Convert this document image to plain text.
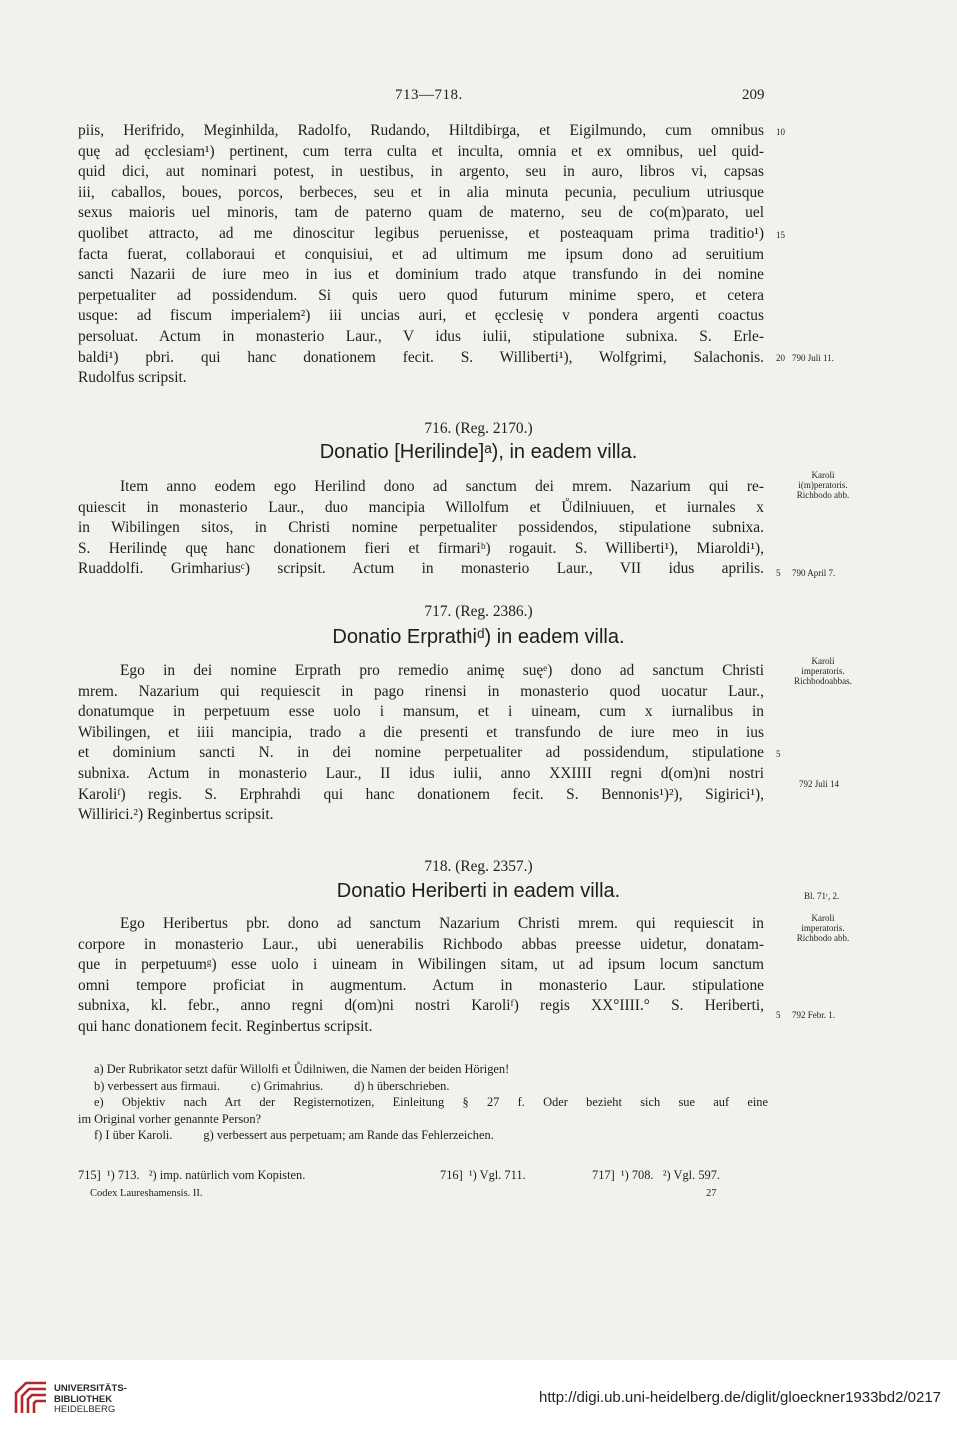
713—718.	209
piis, Herifrido, Meginhilda, Radolfo, Rudando, Hiltdibirga, et Eigilmundo, cum omnibus
quę ad ęcclesiam¹) pertinent, cum terra culta et inculta, omnia et ex omnibus, uel quid-
quid dici, aut nominari potest, in uestibus, in argento, seu in auro, libros vi, capsas
iii, caballos, boues, porcos, berbeces, seu et in alia minuta pecunia, peculium utriusque
sexus maioris uel minoris, tam de paterno quam de materno, seu de co(m)parato, uel
quolibet attracto, ad me dinoscitur legibus peruenisse, et posteaquam prima traditio¹)
facta fuerat, collaboraui et conquisiui, et ad ultimum me ipsum dono ad seruitium
sancti Nazarii de iure meo in ius et dominium trado atque transfundo in dei nomine
perpetualiter ad possidendum. Si quis uero quod futurum minime spero, et cetera
usque: ad fiscum imperialem²) iii uncias auri, et ęcclesię v pondera argenti coactus
persoluat. Actum in monasterio Laur., V idus iulii, stipulatione subnixa. S. Erle-
baldi¹) pbri. qui hanc donationem fecit. S. Williberti¹), Wolfgrimi, Salachonis.
Rudolfus scripsit.
10
15
20 790 Juli 11.
716. (Reg. 2170.)
Donatio [Herilinde]ᵃ), in eadem villa.
Item anno eodem ego Herilind dono ad sanctum dei mrem. Nazarium qui re-
quiescit in monasterio Laur., duo mancipia Willolfum et Ůdilniuuen, et iurnales x
in Wibilingen sitos, in Christi nomine perpetualiter possidendos, stipulatione subnixa.
S. Herilindę quę hanc donationem fieri et firmariᵇ) rogauit. S. Williberti¹), Miaroldi¹),
Ruaddolfi. Grimhariusᶜ) scripsit. Actum in monasterio Laur., VII idus aprilis.
Karoli
i(m)peratoris.
Richbodo abb.
5 790 April 7.
717. (Reg. 2386.)
Donatio Erprathiᵈ) in eadem villa.
Ego in dei nomine Erprath pro remedio animę suęᵉ) dono ad sanctum Christi
mrem. Nazarium qui requiescit in pago rinensi in monasterio quod uocatur Laur.,
donatumque in perpetuum esse uolo i mansum, et i uineam, cum x iurnalibus in
Wibilingen, et iiii mancipia, trado a die presenti et transfundo de iure meo in ius
et dominium sancti N. in dei nomine perpetualiter ad possidendum, stipulatione
subnixa. Actum in monasterio Laur., II idus iulii, anno XXIIII regni d(om)ni nostri
Karoliᶠ) regis. S. Erphrahdi qui hanc donationem fecit. S. Bennonis¹)²), Sigirici¹),
Willirici.²) Reginbertus scripsit.
Karoli
imperatoris.
Richbodoabbas.
5
792 Juli 14
718. (Reg. 2357.)
Donatio Heriberti in eadem villa.	Bl. 71ʳ, 2.
Ego Heribertus pbr. dono ad sanctum Nazarium Christi mrem. qui requiescit in
corpore in monasterio Laur., ubi uenerabilis Richbodo abbas preesse uidetur, donatam-
que in perpetuumᵍ) esse uolo i uineam in Wibilingen sitam, ut ad ipsum locum sanctum
omni tempore proficiat in augmentum. Actum in monasterio Laur. stipulatione
subnixa, kl. febr., anno regni d(om)ni nostri Karoliᶠ) regis XX°IIII.° S. Heriberti,
qui hanc donationem fecit. Reginbertus scripsit.
Karoli
imperatoris.
Richbodo abb.
5 792 Febr. 1.
a) Der Rubrikator setzt dafür Willolfi et Ůdilniwen, die Namen der beiden Hörigen!
b) verbessert aus firmaui.          c) Grimahrius.          d) h überschrieben.
e) Objektiv nach Art der Registernotizen, Einleitung § 27 f. Oder bezieht sich sue auf eine
im Original vorher genannte Person?
f) I über Karoli.          g) verbessert aus perpetuam; am Rande das Fehlerzeichen.
715]  ¹) 713.   ²) imp. natürlich vom Kopisten.	716]  ¹) Vgl. 711.	717]  ¹) 708.   ²) Vgl. 597.
Codex Laureshamensis. II.	27
UNIVERSITÄTS-
BIBLIOTHEK
HEIDELBERG
http://digi.ub.uni-heidelberg.de/diglit/gloeckner1933bd2/0217
